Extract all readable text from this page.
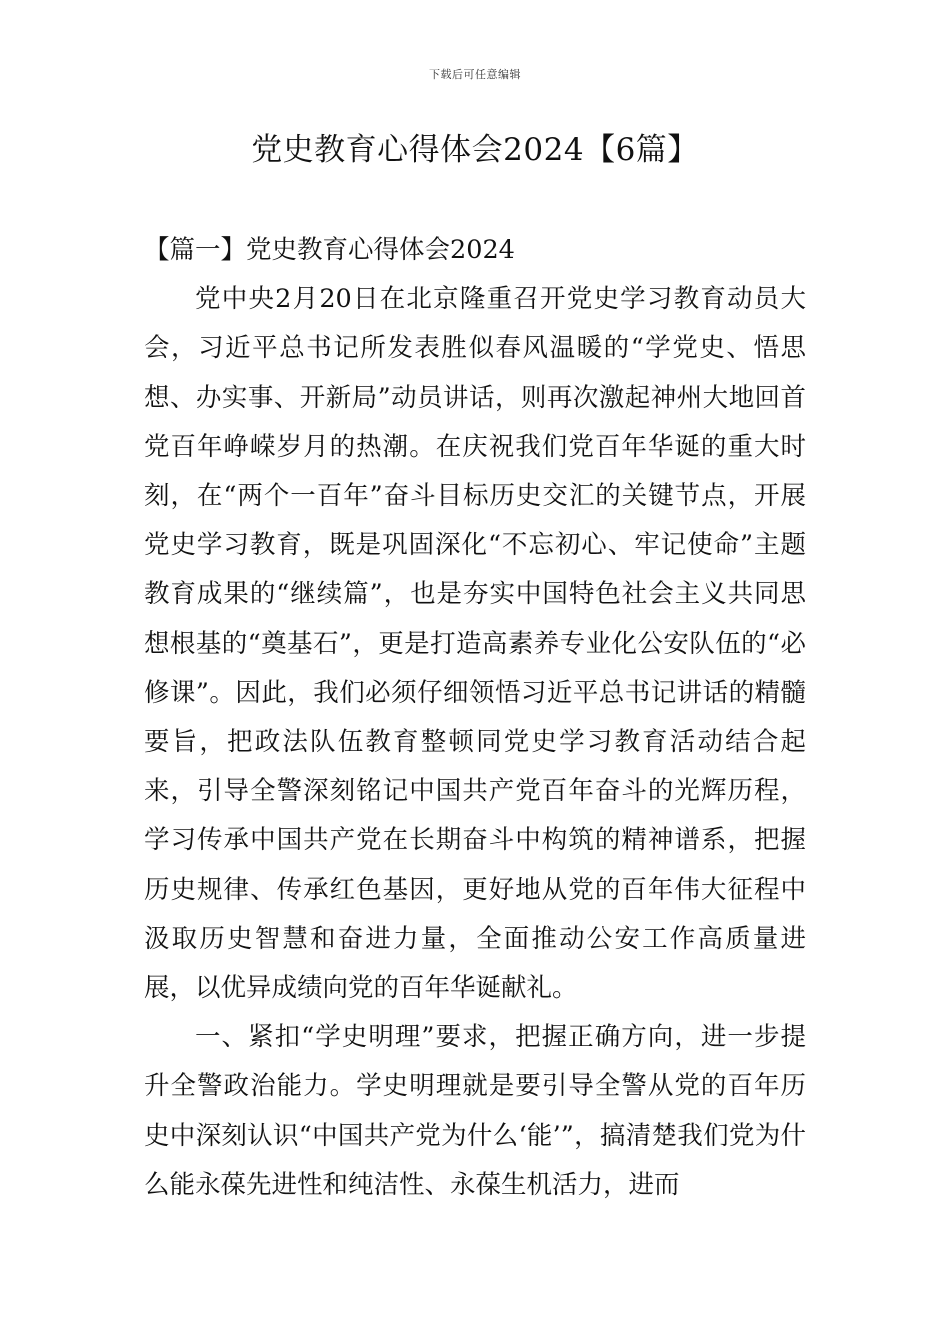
下载后可任意编辑
党史教育心得体会2024【6篇】

【篇一】党史教育心得体会2024

党中央2月20日在北京隆重召开党史学习教育动员大会，习近平总书记所发表胜似春风温暖的“学党史、悟思想、办实事、开新局”动员讲话，则再次激起神州大地回首党百年峥嵘岁月的热潮。在庆祝我们党百年华诞的重大时刻，在“两个一百年”奋斗目标历史交汇的关键节点，开展党史学习教育，既是巩固深化“不忘初心、牢记使命”主题教育成果的“继续篇”，也是夯实中国特色社会主义共同思想根基的“奠基石”，更是打造高素养专业化公安队伍的“必修课”。因此，我们必须仔细领悟习近平总书记讲话的精髓要旨，把政法队伍教育整顿同党史学习教育活动结合起来，引导全警深刻铭记中国共产党百年奋斗的光辉历程，学习传承中国共产党在长期奋斗中构筑的精神谱系，把握历史规律、传承红色基因，更好地从党的百年伟大征程中汲取历史智慧和奋进力量，全面推动公安工作高质量进展，以优异成绩向党的百年华诞献礼。

一、紧扣“学史明理”要求，把握正确方向，进一步提升全警政治能力。学史明理就是要引导全警从党的百年历史中深刻认识“中国共产党为什么‘能’”，搞清楚我们党为什么能永葆先进性和纯洁性、永葆生机活力，进而
